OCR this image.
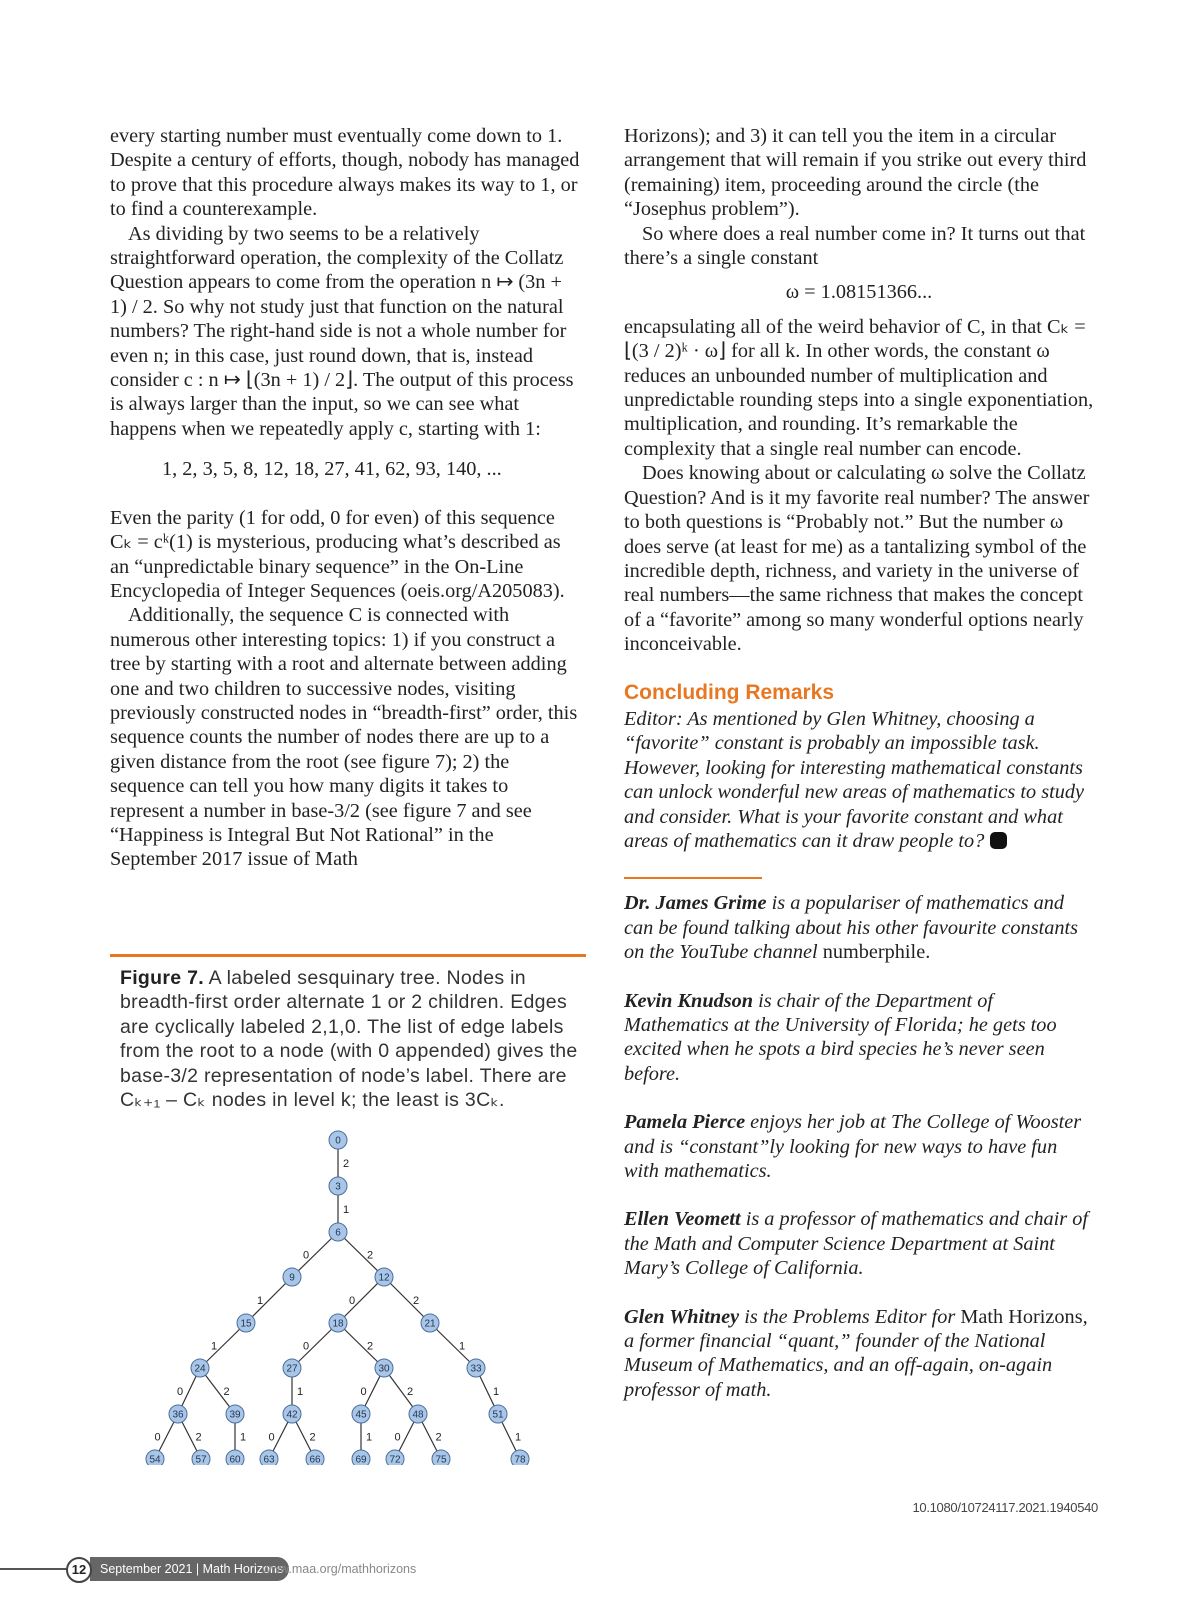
every starting number must eventually come down to 1. Despite a century of efforts, though, nobody has managed to prove that this procedure always makes its way to 1, or to find a counterexample.

As dividing by two seems to be a relatively straightforward operation, the complexity of the Collatz Question appears to come from the operation n ↦ (3n + 1) / 2. So why not study just that function on the natural numbers? The right-hand side is not a whole number for even n; in this case, just round down, that is, instead consider c : n ↦ ⌊(3n + 1) / 2⌋. The output of this process is always larger than the input, so we can see what happens when we repeatedly apply c, starting with 1:

1, 2, 3, 5, 8, 12, 18, 27, 41, 62, 93, 140, ...

Even the parity (1 for odd, 0 for even) of this sequence Cₖ = cᵏ(1) is mysterious, producing what’s described as an “unpredictable binary sequence” in the On-Line Encyclopedia of Integer Sequences (oeis.org/A205083).

Additionally, the sequence C is connected with numerous other interesting topics: 1) if you construct a tree by starting with a root and alternate between adding one and two children to successive nodes, visiting previously constructed nodes in “breadth-first” order, this sequence counts the number of nodes there are up to a given distance from the root (see figure 7); 2) the sequence can tell you how many digits it takes to represent a number in base-3/2 (see figure 7 and see “Happiness is Integral But Not Rational” in the September 2017 issue of Math

Figure 7. A labeled sesquinary tree. Nodes in breadth-first order alternate 1 or 2 children. Edges are cyclically labeled 2,1,0. The list of edge labels from the root to a node (with 0 appended) gives the base-3/2 representation of node’s label. There are Cₖ₊₁ – Cₖ nodes in level k; the least is 3Cₖ.
2
1
0	2
1	0	2
1	0	2	1
0	2	1	0	2	1
0	2	1 0	2	1 0	2	1
0
3
6
9	12
15	18	21
24	27	30	33
36	39	42	45	48	51
54	57 60 63	66	69 72	75	78

Horizons); and 3) it can tell you the item in a circular arrangement that will remain if you strike out every third (remaining) item, proceeding around the circle (the “Josephus problem”).

So where does a real number come in? It turns out that there’s a single constant

ω = 1.08151366...

encapsulating all of the weird behavior of C, in that Cₖ = ⌊(3 / 2)ᵏ · ω⌋ for all k. In other words, the constant ω reduces an unbounded number of multiplication and unpredictable rounding steps into a single exponentiation, multiplication, and rounding. It’s remarkable the complexity that a single real number can encode.

Does knowing about or calculating ω solve the Collatz Question? And is it my favorite real number? The answer to both questions is “Probably not.” But the number ω does serve (at least for me) as a tantalizing symbol of the incredible depth, richness, and variety in the universe of real numbers—the same richness that makes the concept of a “favorite” among so many wonderful options nearly inconceivable.

Concluding Remarks

Editor: As mentioned by Glen Whitney, choosing a “favorite” constant is probably an impossible task. However, looking for interesting mathematical constants can unlock wonderful new areas of mathematics to study and consider. What is your favorite constant and what areas of mathematics can it draw people to?

Dr. James Grime is a populariser of mathematics and can be found talking about his other favourite constants on the YouTube channel numberphile.

Kevin Knudson is chair of the Department of Mathematics at the University of Florida; he gets too excited when he spots a bird species he’s never seen before.

Pamela Pierce enjoys her job at The College of Wooster and is “constant”ly looking for new ways to have fun with mathematics.

Ellen Veomett is a professor of mathematics and chair of the Math and Computer Science Department at Saint Mary’s College of California.

Glen Whitney is the Problems Editor for Math Horizons, a former financial “quant,” founder of the National Museum of Mathematics, and an off-again, on-again professor of math.

10.1080/10724117.2021.1940540
September 2021 | Math Horizons
12	www.maa.org/mathhorizons
